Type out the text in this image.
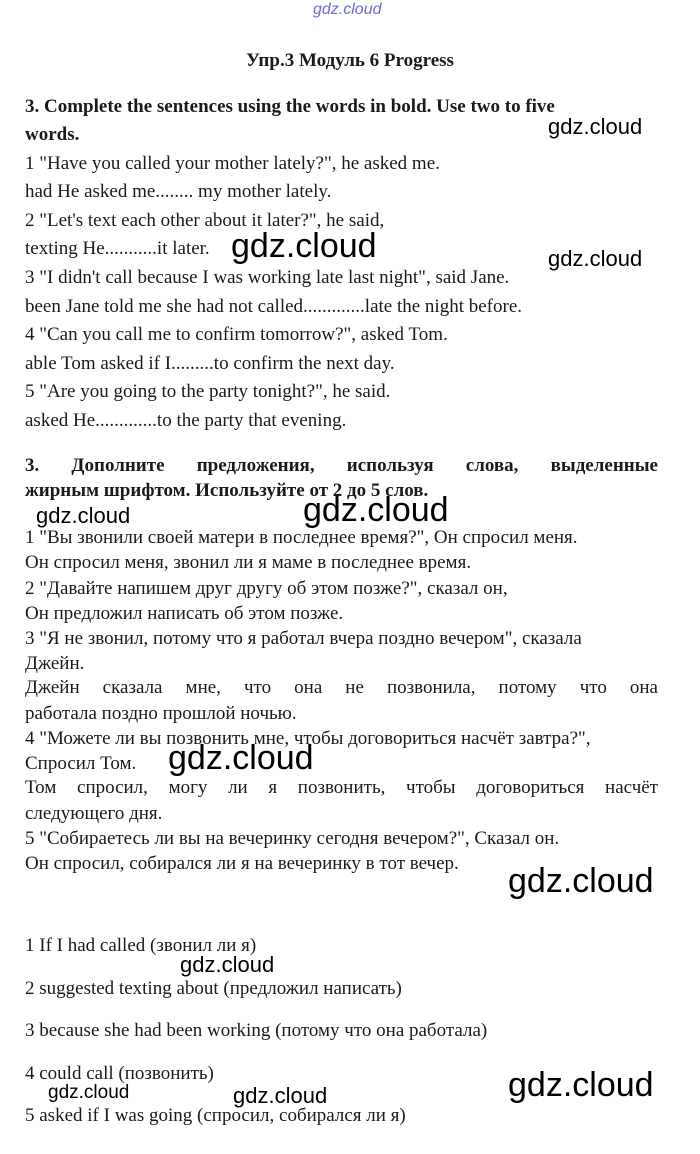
gdz.cloud
Упр.3 Модуль 6 Progress
3. Complete the sentences using the words in bold. Use two to five
words.
1 "Have you called your mother lately?", he asked me.
had He asked me........ my mother lately.
2 "Let's text each other about it later?", he said,
texting He...........it later.
3 "I didn't call because I was working late last night", said Jane.
been Jane told me she had not called.............late the night before.
4 "Can you call me to confirm tomorrow?", asked Tom.
able Tom asked if I.........to confirm the next day.
5 "Are you going to the party tonight?", he said.
asked He.............to the party that evening.
3. Дополните предложения, используя слова, выделенные
жирным шрифтом. Используйте от 2 до 5 слов.
1 "Вы звонили своей матери в последнее время?", Он спросил меня.
Он спросил меня, звонил ли я маме в последнее время.
2 "Давайте напишем друг другу об этом позже?", сказал он,
Он предложил написать об этом позже.
3 "Я не звонил, потому что я работал вчера поздно вечером", сказала
Джейн.
Джейн сказала мне, что она не позвонила, потому что она
работала поздно прошлой ночью.
4 "Можете ли вы позвонить мне, чтобы договориться насчёт завтра?",
Спросил Том.
Том спросил, могу ли я позвонить, чтобы договориться насчёт
следующего дня.
5 "Собираетесь ли вы на вечеринку сегодня вечером?", Сказал он.
Он спросил, собирался ли я на вечеринку в тот вечер.
1 If I had called (звонил ли я)
2 suggested texting about (предложил написать)
3 because she had been working (потому что она работала)
4 could call (позвонить)
5 asked if I was going (спросил, собирался ли я)
gdz.cloud
gdz.cloud	gdz.cloud
gdz.cloud	gdz.cloud
gdz.cloud
gdz.cloud
gdz.cloud
gdz.cloud	gdz.cloud	gdz.cloud
